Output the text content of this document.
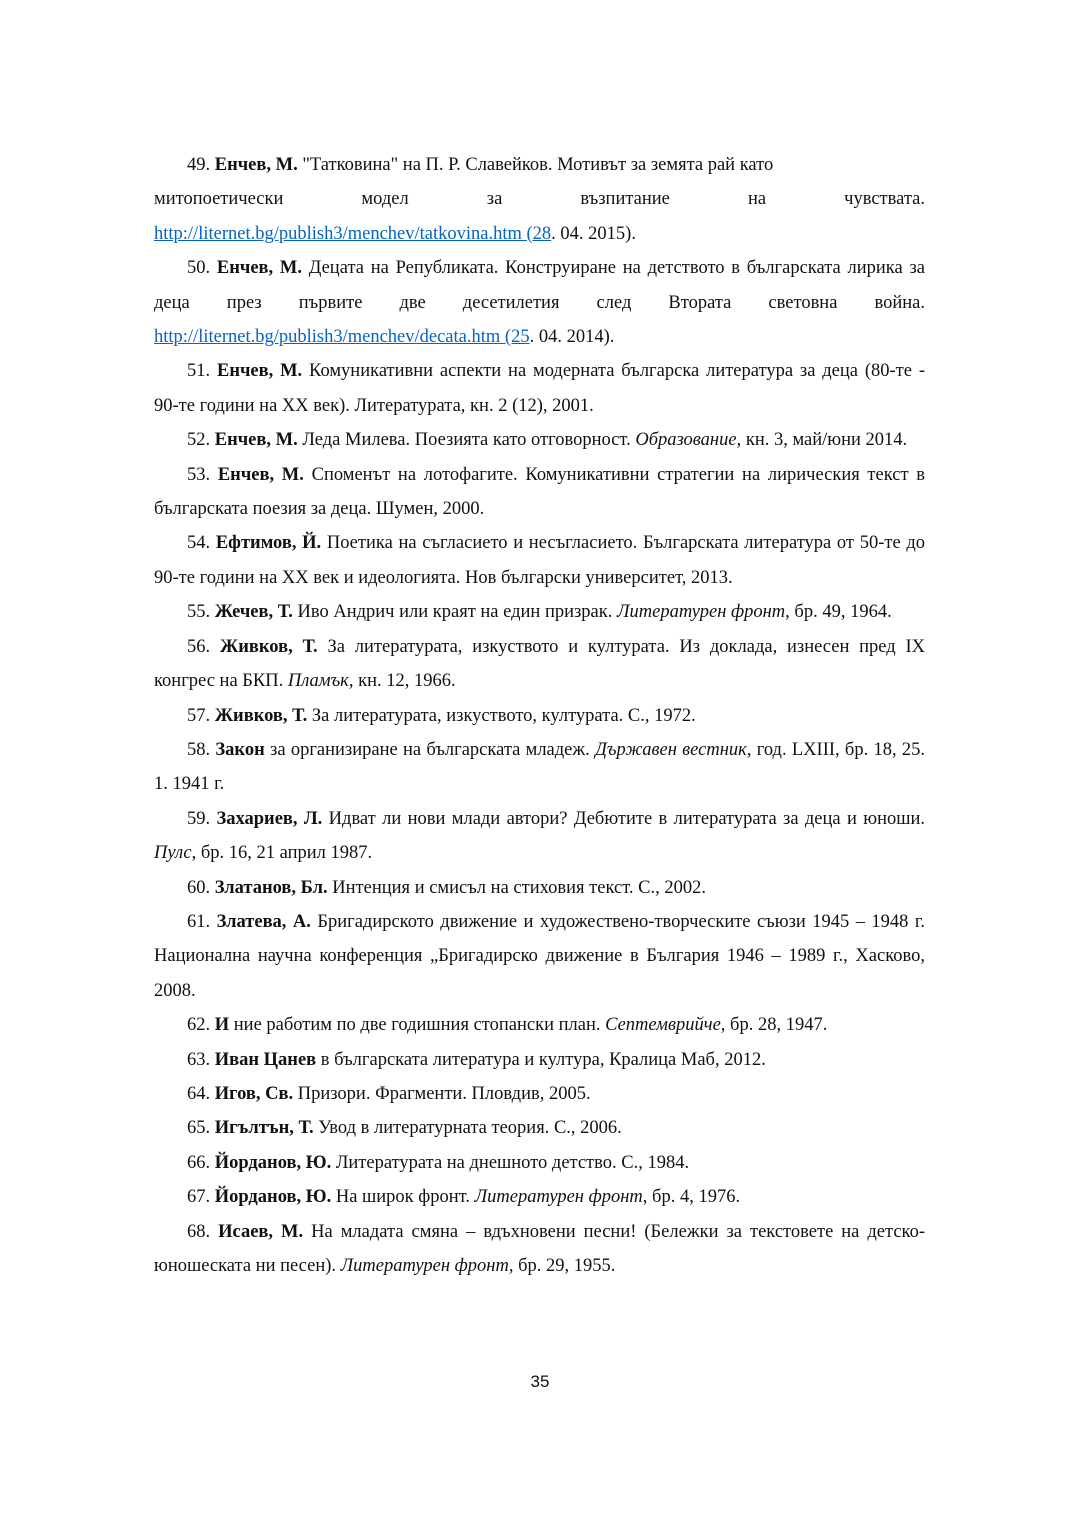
49. Енчев, М. "Татковина" на П. Р. Славейков. Мотивът за земята рай като
митопоетически модел за възпитание на чувствата.
http://liternet.bg/publish3/menchev/tatkovina.htm (28. 04. 2015).

50. Енчев, М. Децата на Републиката. Конструиране на детството в българската лирика за деца през първите две десетилетия след Втората световна война. http://liternet.bg/publish3/menchev/decata.htm (25. 04. 2014).

51. Енчев, М. Комуникативни аспекти на модерната българска литература за деца (80-те - 90-те години на ХХ век). Литературата, кн. 2 (12), 2001.

52. Енчев, М. Леда Милева. Поезията като отговорност. Образование, кн. 3, май/юни 2014.

53. Енчев, М. Споменът на лотофагите. Комуникативни стратегии на лирическия текст в българската поезия за деца. Шумен, 2000.

54. Ефтимов, Й. Поетика на съгласието и несъгласието. Българската литература от 50-те до 90-те години на ХХ век и идеологията. Нов български университет, 2013.

55. Жечев, Т. Иво Андрич или краят на един призрак. Литературен фронт, бр. 49, 1964.

56. Живков, Т. За литературата, изкуството и културата. Из доклада, изнесен пред ІХ конгрес на БКП. Пламък, кн. 12, 1966.

57. Живков, Т. За литературата, изкуството, културата. С., 1972.

58. Закон за организиране на българската младеж. Държавен вестник, год. LXIII, бр. 18, 25. 1. 1941 г.

59. Захариев, Л. Идват ли нови млади автори? Дебютите в литературата за деца и юноши. Пулс, бр. 16, 21 април 1987.

60. Златанов, Бл. Интенция и смисъл на стиховия текст. С., 2002.

61. Златева, А. Бригадирското движение и художествено-творческите съюзи 1945 – 1948 г. Национална научна конференция „Бригадирско движение в България 1946 – 1989 г., Хасково, 2008.

62. И ние работим по две годишния стопански план. Септемврийче, бр. 28, 1947.

63. Иван Цанев в българската литература и култура, Кралица Маб, 2012.

64. Игов, Св. Призори. Фрагменти. Пловдив, 2005.

65. Игълтън, Т. Увод в литературната теория. С., 2006.

66. Йорданов, Ю. Литературата на днешното детство. С., 1984.

67. Йорданов, Ю. На широк фронт. Литературен фронт, бр. 4, 1976.

68. Исаев, М. На младата смяна – вдъхновени песни! (Бележки за текстовете на детско-юношеската ни песен). Литературен фронт, бр. 29, 1955.

35
